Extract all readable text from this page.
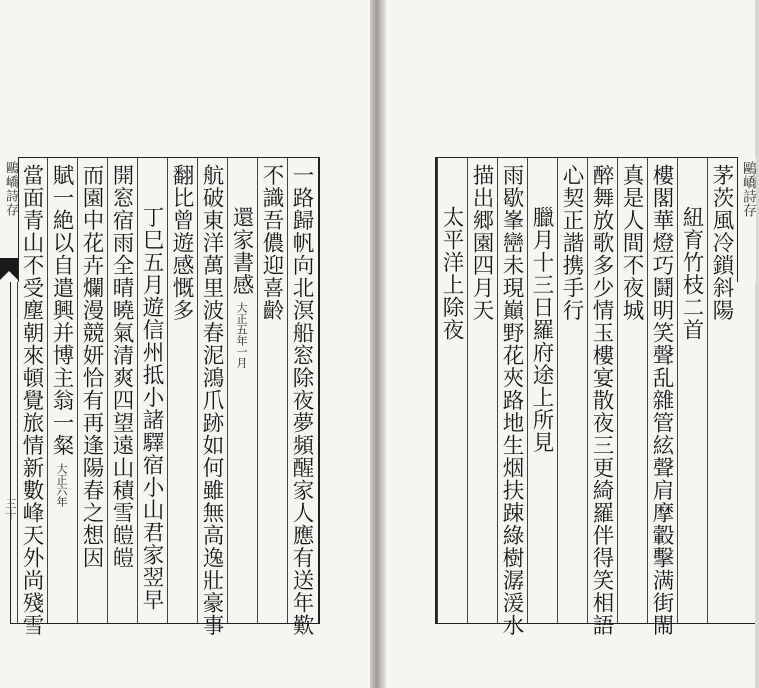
一路歸帆向北溟船窓除夜夢頻醒家人應有送年歎
不識吾儂迎喜齡
還家書感大正五年一月
航破東洋萬里波春泥鴻爪跡如何雖無高逸壯豪事
翻比曾遊感慨多
丁巳五月遊信州抵小諸驛宿小山君家翌早
開窓宿雨全晴曉氣清爽四望遠山積雪皚皚
而園中花卉爛漫競妍恰有再逢陽春之想因
賦一絶以自遣興并博主翁一粲大正六年
當面青山不受塵朝來頓覺旅情新數峰天外尚殘雪
鷗嶠詩存
三十
茅茨風冷鎖斜陽
紐育竹枝二首
樓閣華燈巧鬪明笑聲乱雜管絃聲肩摩轂擊满街閙
真是人間不夜城
醉舞放歌多少情玉樓宴散夜三更綺羅伴得笑相語
心契正諧携手行
臘月十三日羅府途上所見
雨歇峯巒未現巔野花夾路地生烟扶踈綠樹潺湲水
描出郷園四月天
太平洋上除夜
鷗嶠詩存
